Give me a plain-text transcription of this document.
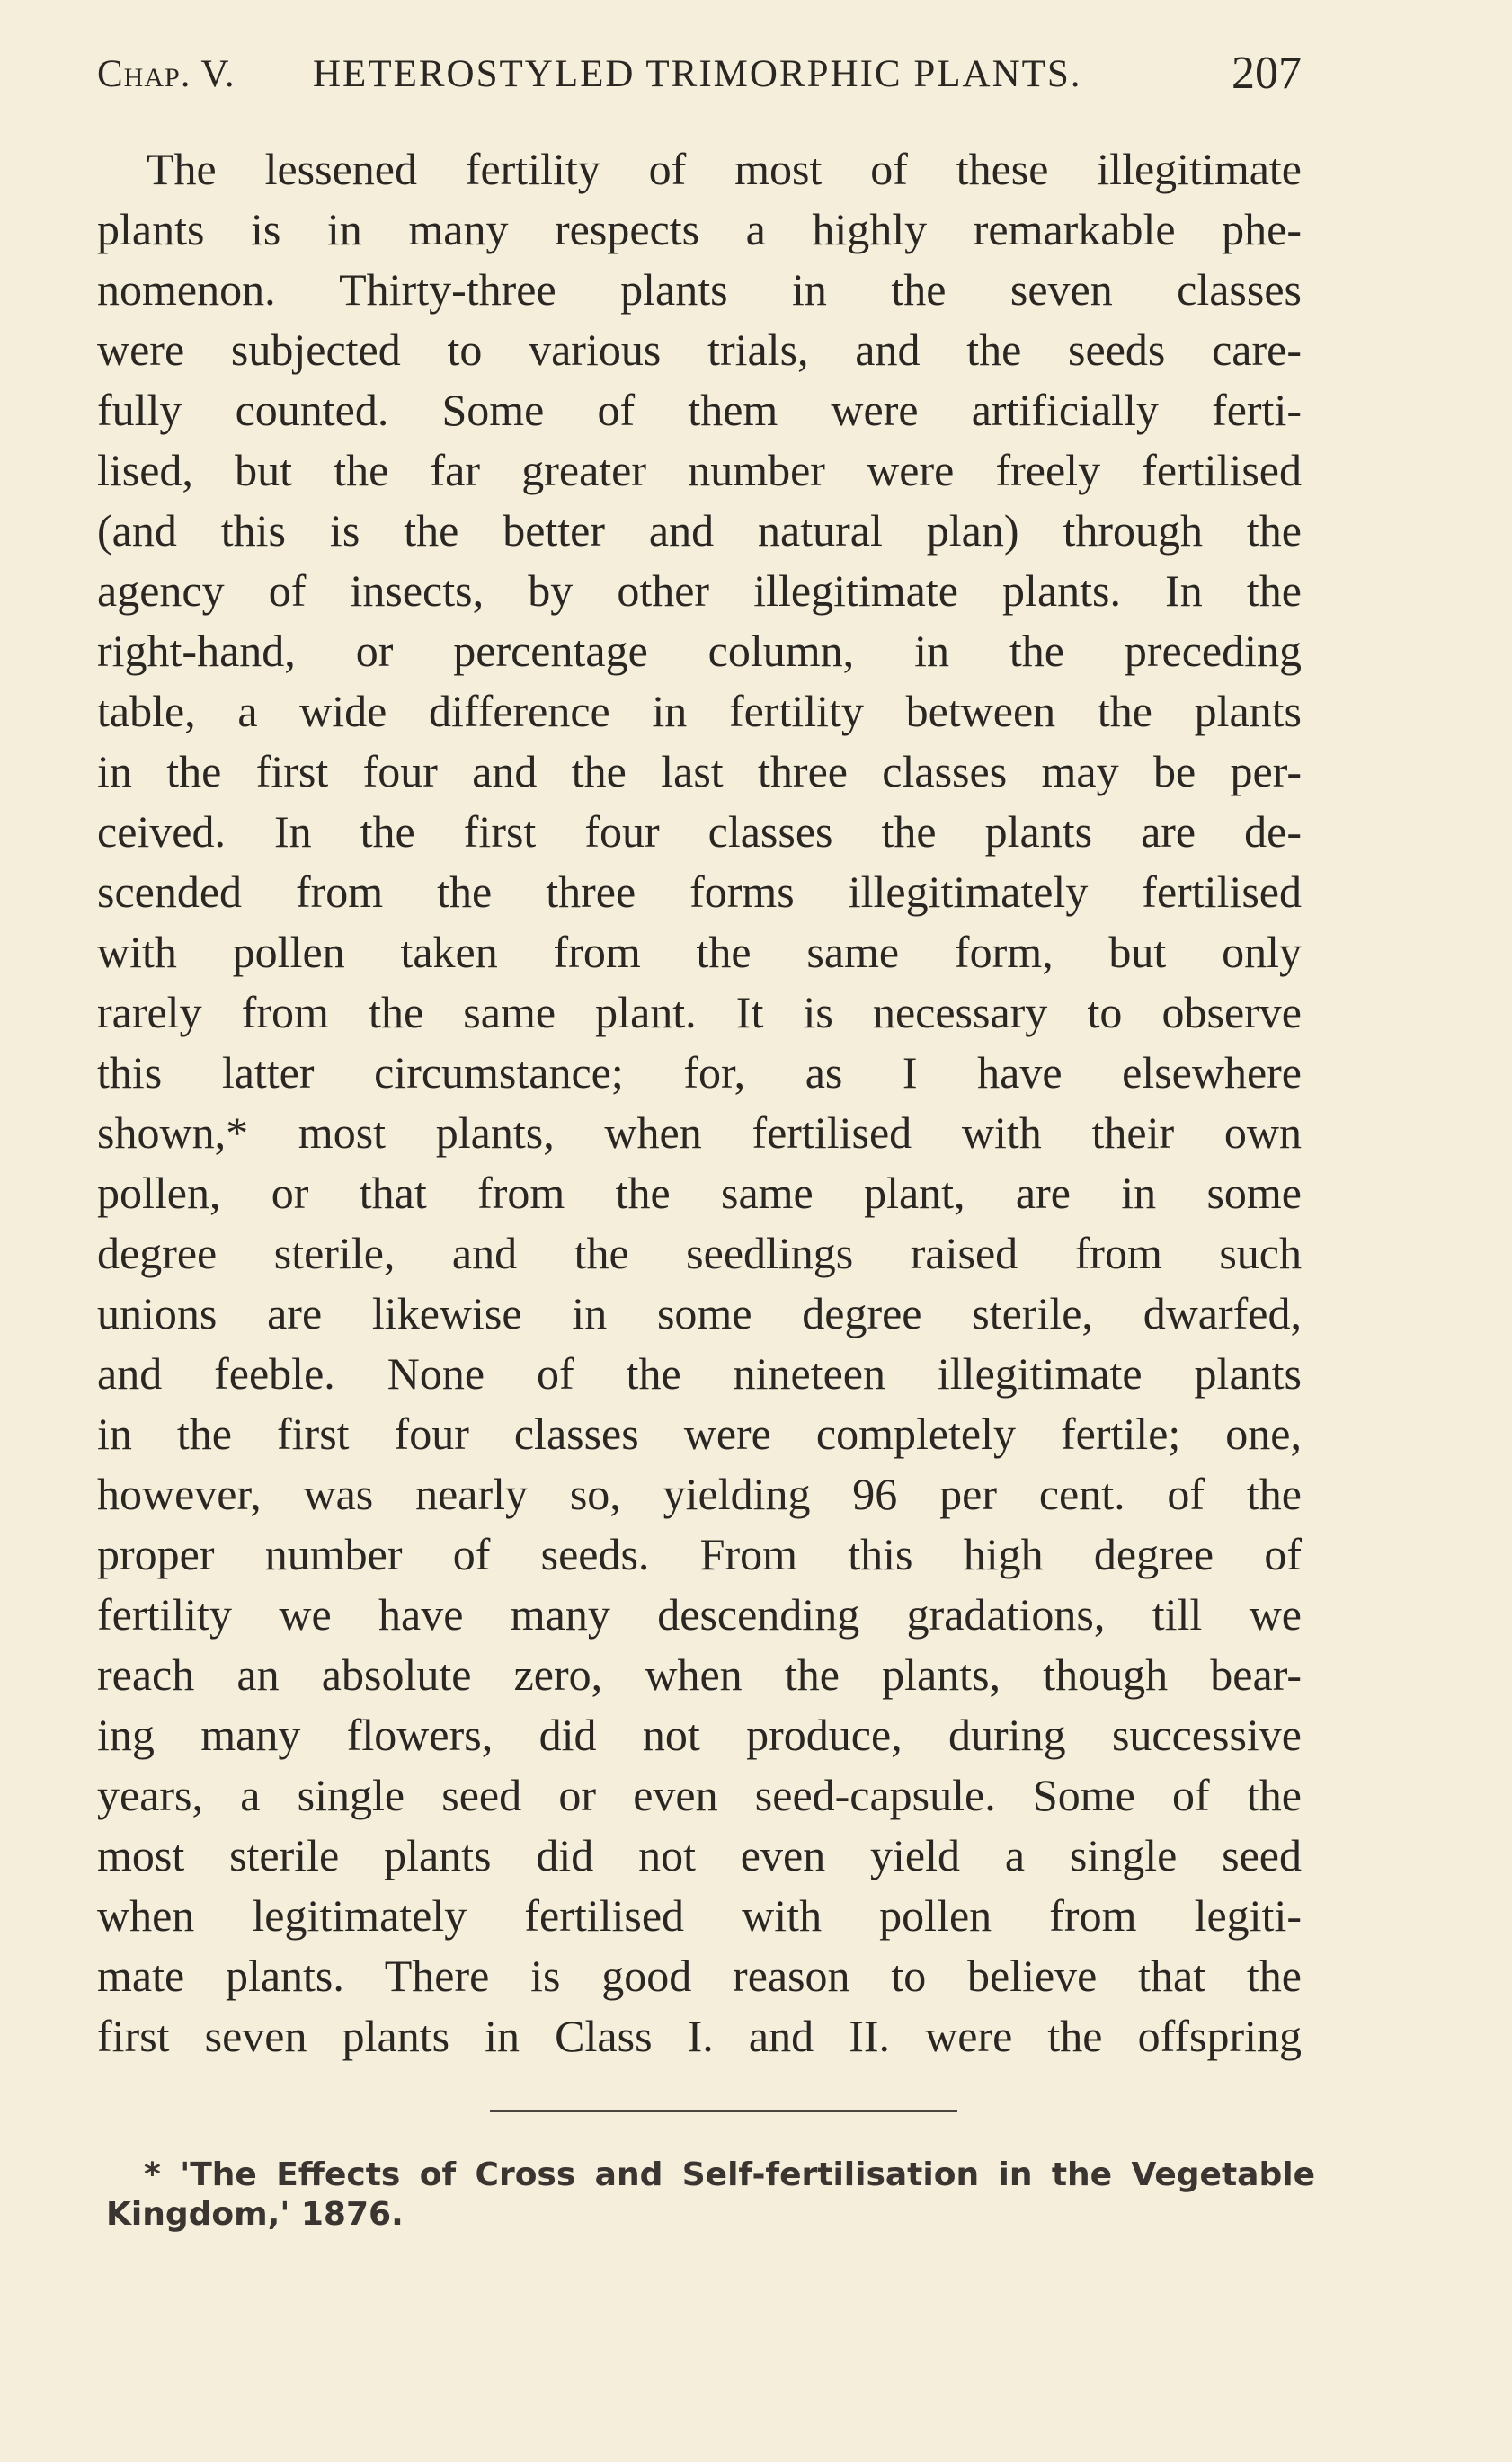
Chap. V. HETEROSTYLED TRIMORPHIC PLANTS.	207
The lessened fertility of most of these illegitimate
plants is in many respects a highly remarkable phe-
nomenon. Thirty-three plants in the seven classes
were subjected to various trials, and the seeds care-
fully counted. Some of them were artificially ferti-
lised, but the far greater number were freely fertilised
(and this is the better and natural plan) through the
agency of insects, by other illegitimate plants. In the
right-hand, or percentage column, in the preceding
table, a wide difference in fertility between the plants
in the first four and the last three classes may be per-
ceived. In the first four classes the plants are de-
scended from the three forms illegitimately fertilised
with pollen taken from the same form, but only
rarely from the same plant. It is necessary to observe
this latter circumstance; for, as I have elsewhere
shown,* most plants, when fertilised with their own
pollen, or that from the same plant, are in some
degree sterile, and the seedlings raised from such
unions are likewise in some degree sterile, dwarfed,
and feeble. None of the nineteen illegitimate plants
in the first four classes were completely fertile; one,
however, was nearly so, yielding 96 per cent. of the
proper number of seeds. From this high degree of
fertility we have many descending gradations, till we
reach an absolute zero, when the plants, though bear-
ing many flowers, did not produce, during successive
years, a single seed or even seed-capsule. Some of the
most sterile plants did not even yield a single seed
when legitimately fertilised with pollen from legiti-
mate plants. There is good reason to believe that the
first seven plants in Class I. and II. were the offspring
* 'The Effects of Cross and Self-fertilisation in the Vegetable
Kingdom,' 1876.
